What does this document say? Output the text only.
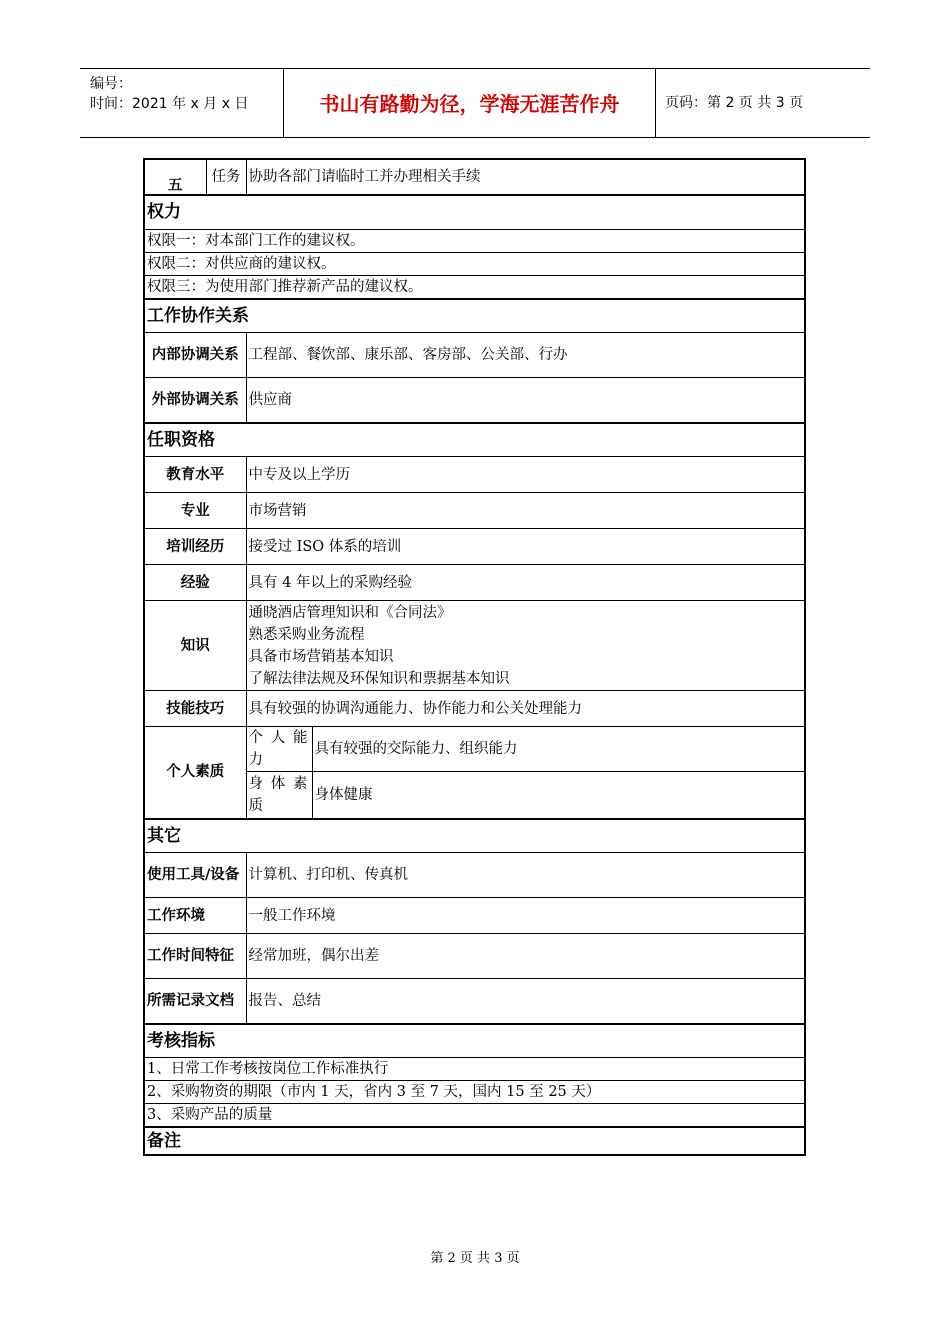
编号：
时间：2021 年 x 月 x 日	书山有路勤为径，学海无涯苦作舟	页码：第 2 页 共 3 页
五	任务	协助各部门请临时工并办理相关手续	
权力			
权限一：对本部门工作的建议权。			
权限二：对供应商的建议权。			
权限三：为使用部门推荐新产品的建议权。			
工作协作关系			
内部协调关系		工程部、餐饮部、康乐部、客房部、公关部、行办	
外部协调关系		供应商	
任职资格			
教育水平		中专及以上学历	
专业		市场营销	
培训经历		接受过 ISO 体系的培训	
经验		具有 4 年以上的采购经验	
知识		通晓酒店管理知识和《合同法》
熟悉采购业务流程
具备市场营销基本知识
了解法律法规及环保知识和票据基本知识	

技能技巧		具有较强的协调沟通能力、协作能力和公关处理能力	
个人素质		个人能力	具有较强的交际能力、组织能力
		身体素质	身体健康
其它			
使用工具/设备		计算机、打印机、传真机	
工作环境		一般工作环境	
工作时间特征		经常加班，偶尔出差	
所需记录文档		报告、总结	
考核指标			
1、日常工作考核按岗位工作标准执行			
2、采购物资的期限（市内 1 天，省内 3 至 7 天，国内 15 至 25 天）			
3、采购产品的质量			
备注			
第 2 页 共 3 页
